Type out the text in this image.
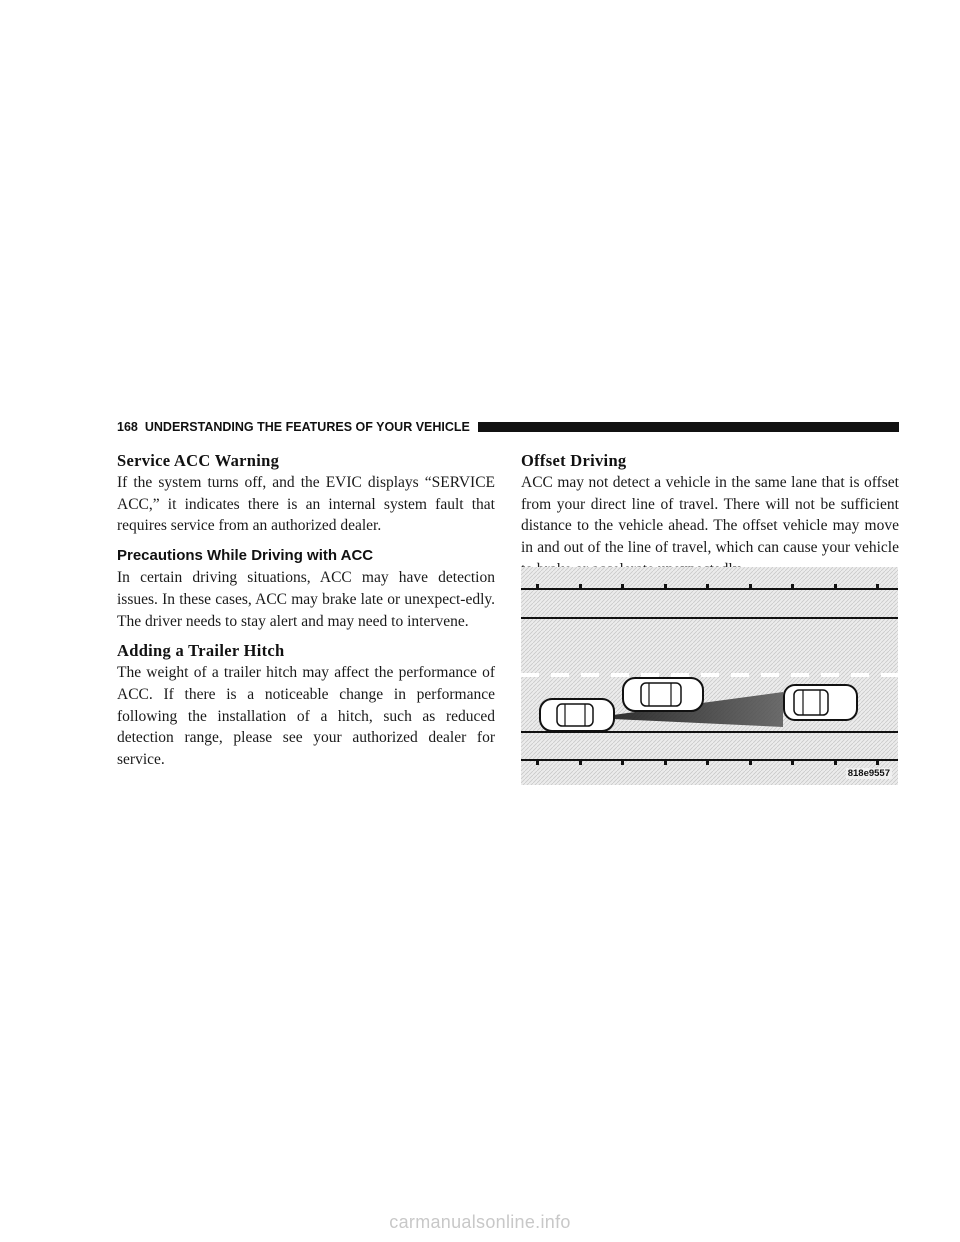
168 UNDERSTANDING THE FEATURES OF YOUR VEHICLE
Service ACC Warning

If the system turns off, and the EVIC displays “SERVICE ACC,” it indicates there is an internal system fault that requires service from an authorized dealer.

Precautions While Driving with ACC

In certain driving situations, ACC may have detection issues. In these cases, ACC may brake late or unexpect-edly. The driver needs to stay alert and may need to intervene.

Adding a Trailer Hitch

The weight of a trailer hitch may affect the performance of ACC. If there is a noticeable change in performance following the installation of a hitch, such as reduced detection range, please see your authorized dealer for service.

Offset Driving

ACC may not detect a vehicle in the same lane that is offset from your direct line of travel. There will not be sufficient distance to the vehicle ahead. The offset vehicle may move in and out of the line of travel, which can cause your vehicle

818e9557
carmanualsonline.info
